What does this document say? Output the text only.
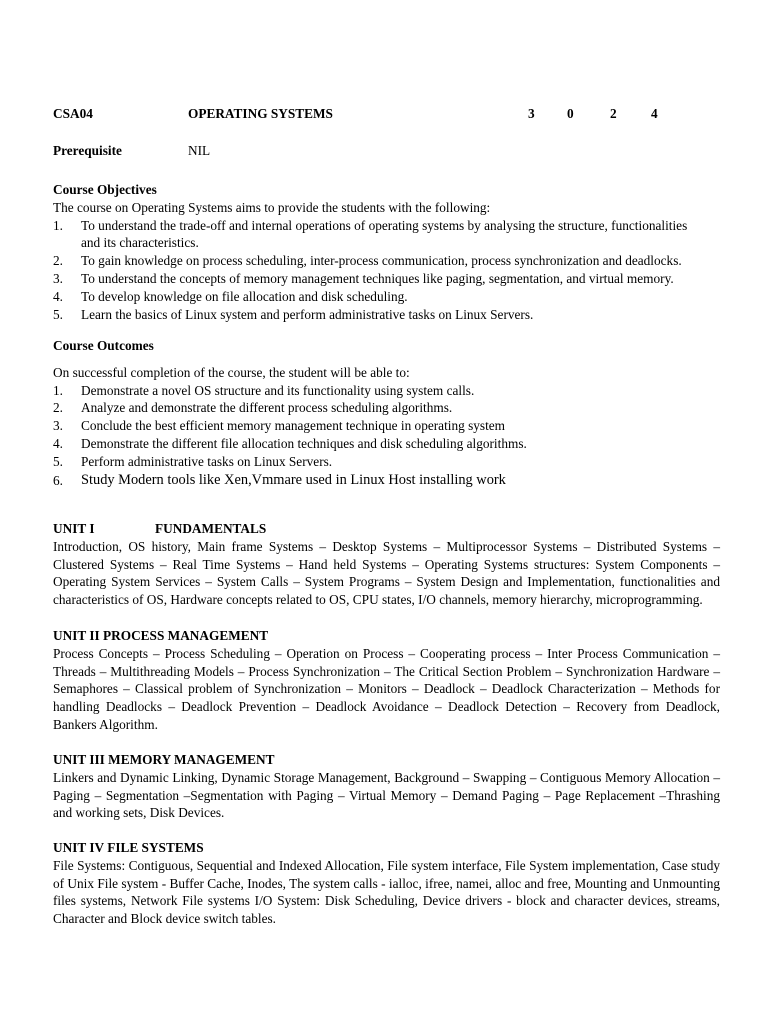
CSA04	OPERATING SYSTEMS	3 0	2	4
Prerequisite	NIL

Course Objectives

The course on Operating Systems aims to provide the students with the following:

1.	To understand the trade-off and internal operations of operating systems by analysing the structure, functionalities
and its characteristics.
2.	To gain knowledge on process scheduling, inter-process communication, process synchronization and deadlocks.
3.	To understand the concepts of memory management techniques like paging, segmentation, and virtual memory.
4.	To develop knowledge on file allocation and disk scheduling.
5.	Learn the basics of Linux system and perform administrative tasks on Linux Servers.

Course Outcomes

On successful completion of the course, the student will be able to:

1.	Demonstrate a novel OS structure and its functionality using system calls.
2.	Analyze and demonstrate the different process scheduling algorithms.
3.	Conclude the best efficient memory management technique in operating system
4.	Demonstrate the different file allocation techniques and disk scheduling algorithms.
5.	Perform administrative tasks on Linux Servers.
6.	Study Modern tools like Xen,Vmmare used in Linux Host installing work

UNIT I	FUNDAMENTALS

Introduction, OS history, Main frame Systems – Desktop Systems – Multiprocessor Systems – Distributed Systems – Clustered Systems – Real Time Systems – Hand held Systems – Operating Systems structures: System Components – Operating System Services – System Calls – System Programs – System Design and Implementation, functionalities and characteristics of OS, Hardware concepts related to OS, CPU states, I/O channels, memory hierarchy, microprogramming.

UNIT II PROCESS MANAGEMENT

Process Concepts – Process Scheduling – Operation on Process – Cooperating process – Inter Process Communication – Threads – Multithreading Models – Process Synchronization – The Critical Section Problem – Synchronization Hardware – Semaphores – Classical problem of Synchronization – Monitors – Deadlock – Deadlock Characterization – Methods for handling Deadlocks – Deadlock Prevention – Deadlock Avoidance – Deadlock Detection – Recovery from Deadlock, Bankers Algorithm.

UNIT III MEMORY MANAGEMENT

Linkers and Dynamic Linking, Dynamic Storage Management, Background – Swapping – Contiguous Memory Allocation – Paging – Segmentation –Segmentation with Paging – Virtual Memory – Demand Paging – Page Replacement –Thrashing and working sets, Disk Devices.

UNIT IV FILE SYSTEMS

File Systems: Contiguous, Sequential and Indexed Allocation, File system interface, File System implementation, Case study of Unix File system - Buffer Cache, Inodes, The system calls - ialloc, ifree, namei, alloc and free, Mounting and Unmounting files systems, Network File systems I/O System: Disk Scheduling, Device drivers - block and character devices, streams, Character and Block device switch tables.
